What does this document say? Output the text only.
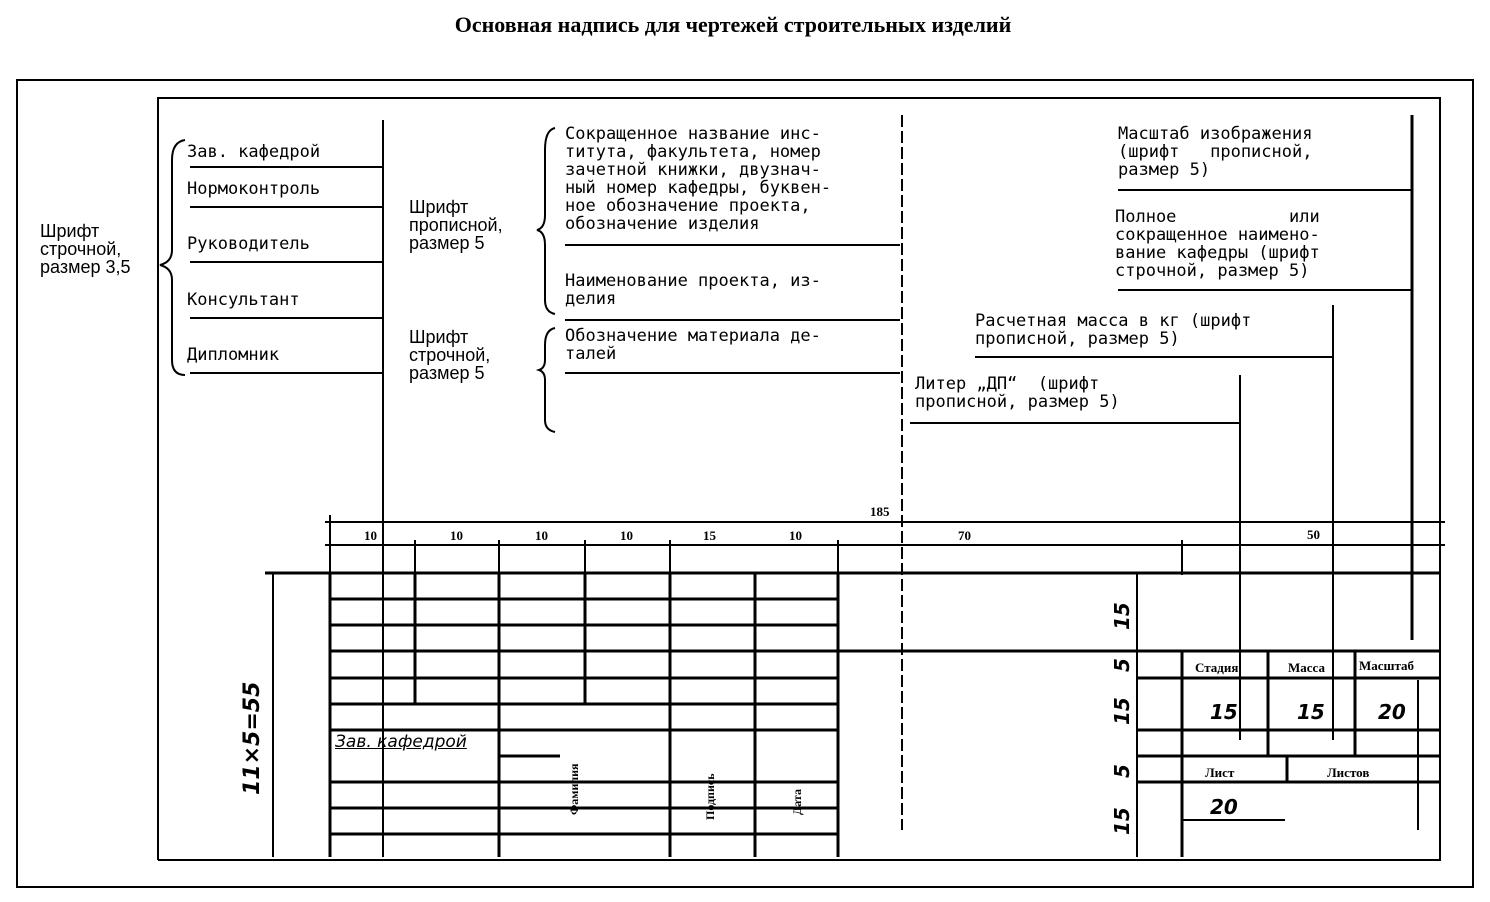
Основная надпись для чертежей строительных изделий
Шрифт
строчной,
размер 3,5
Зав. кафедрой
Нормоконтроль
Руководитель
Консультант
Дипломник
Шрифт
прописной,
размер 5
Шрифт
строчной,
размер 5
Сокращенное название инс-
титута, факультета, номер
зачетной книжки, двузнач-
ный номер кафедры, буквен-
ное обозначение проекта,
обозначение изделия
Наименование проекта, из-
делия
Обозначение материала де-
талей
Масштаб изображения
(шрифт   прописной,
размер 5)
Полное           или
сокращенное наимено-
вание кафедры (шрифт
строчной, размер 5)
Расчетная масса в кг (шрифт
прописной, размер 5)
Литер „ДП“  (шрифт
прописной, размер 5)
185
10	10	10	10	15	10	70	50
11×5=55
15
5
15
5
15
15	15	20
20
Зав. кафедрой
Фамилия	Подпись	Дата
Стадия	Масса	Масштаб
Лист	Листов
